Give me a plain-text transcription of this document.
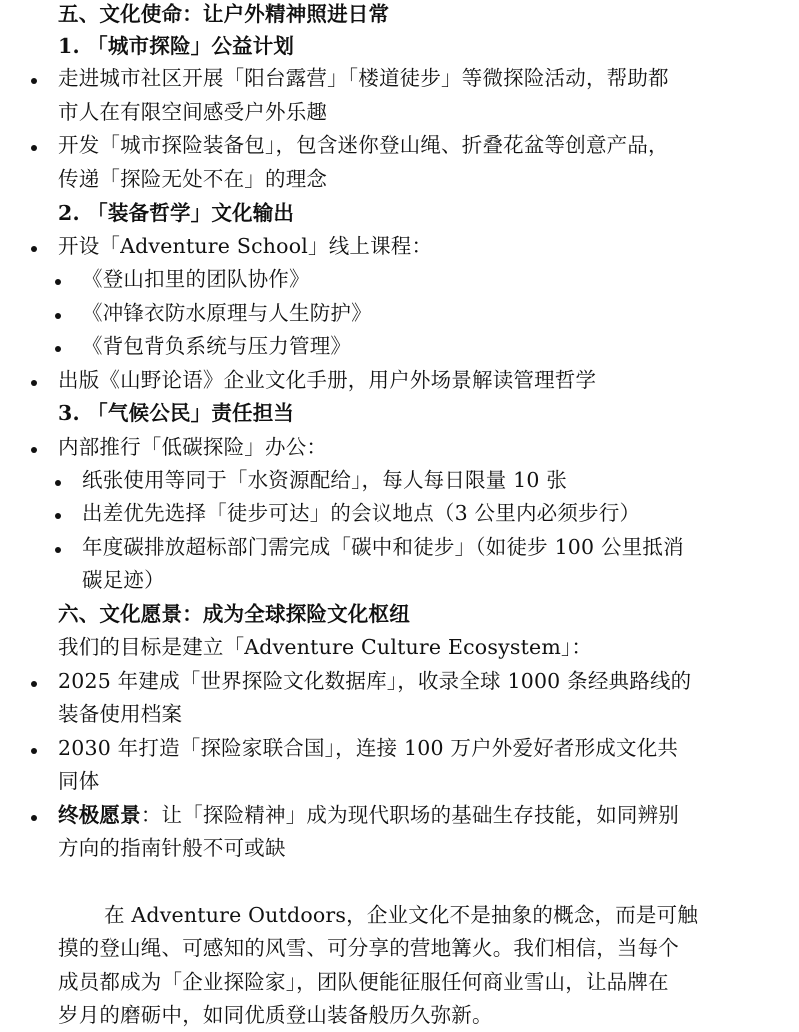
五、文化使命：让户外精神照进日常
1. 「城市探险」公益计划
走进城市社区开展「阳台露营」「楼道徒步」等微探险活动，帮助都
市人在有限空间感受户外乐趣
开发「城市探险装备包」，包含迷你登山绳、折叠花盆等创意产品，
传递「探险无处不在」的理念
2. 「装备哲学」文化输出
开设「Adventure School」线上课程：
《登山扣里的团队协作》
《冲锋衣防水原理与人生防护》
《背包背负系统与压力管理》
出版《山野论语》企业文化手册，用户外场景解读管理哲学
3. 「气候公民」责任担当
内部推行「低碳探险」办公：
纸张使用等同于「水资源配给」，每人每日限量 10 张
出差优先选择「徒步可达」的会议地点（3 公里内必须步行）
年度碳排放超标部门需完成「碳中和徒步」（如徒步 100 公里抵消
碳足迹）
六、文化愿景：成为全球探险文化枢纽
我们的目标是建立「Adventure Culture Ecosystem」：
2025 年建成「世界探险文化数据库」，收录全球 1000 条经典路线的
装备使用档案
2030 年打造「探险家联合国」，连接 100 万户外爱好者形成文化共
同体
终极愿景：让「探险精神」成为现代职场的基础生存技能，如同辨别
方向的指南针般不可或缺
在 Adventure Outdoors，企业文化不是抽象的概念，而是可触
摸的登山绳、可感知的风雪、可分享的营地篝火。我们相信，当每个
成员都成为「企业探险家」，团队便能征服任何商业雪山，让品牌在
岁月的磨砺中，如同优质登山装备般历久弥新。
